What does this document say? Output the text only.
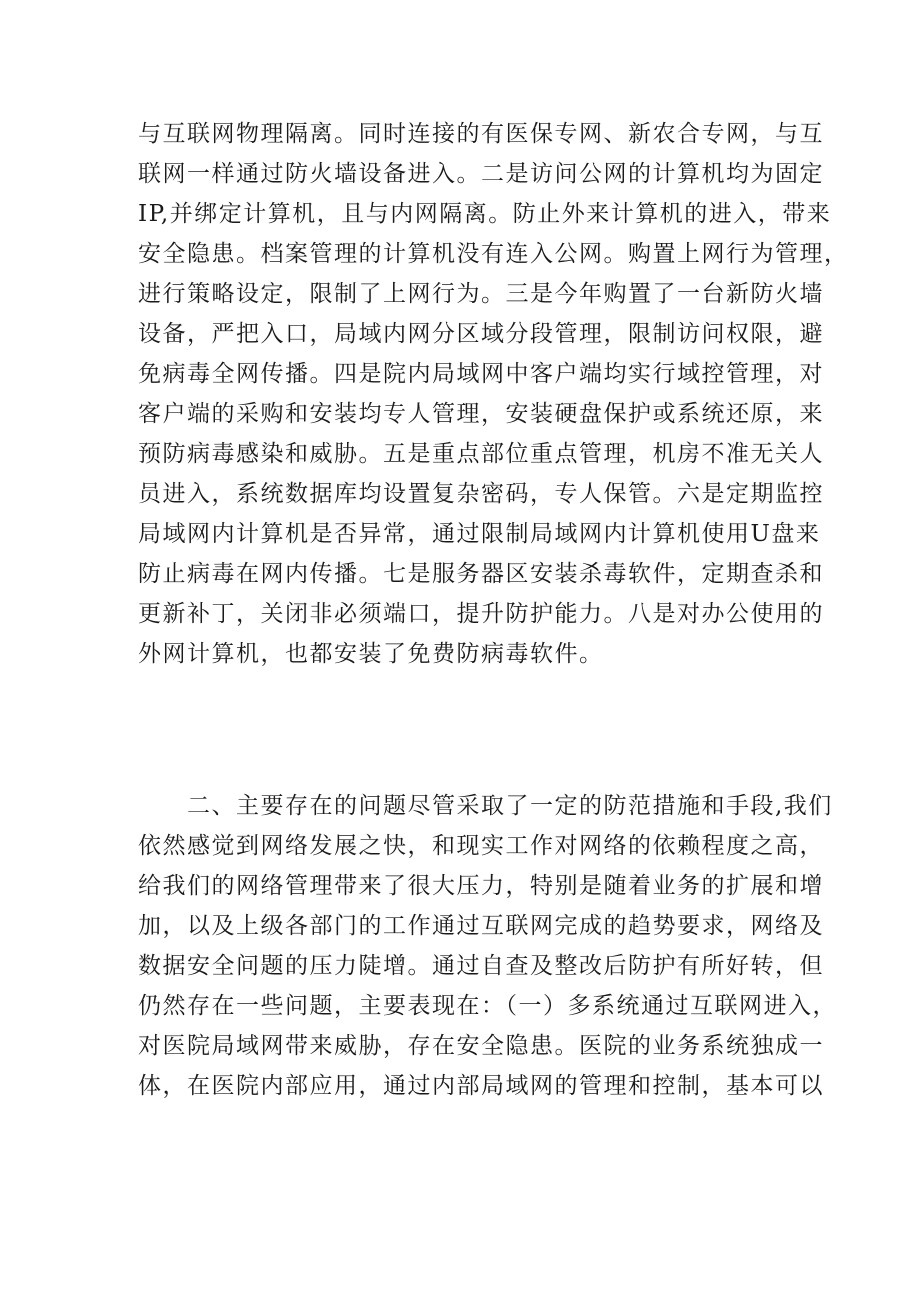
与互联网物理隔离。同时连接的有医保专网、新农合专网，与互
联网一样通过防火墙设备进入。二是访问公网的计算机均为固定
IP,并绑定计算机，且与内网隔离。防止外来计算机的进入，带来
安全隐患。档案管理的计算机没有连入公网。购置上网行为管理，
进行策略设定，限制了上网行为。三是今年购置了一台新防火墙
设备，严把入口，局域内网分区域分段管理，限制访问权限，避
免病毒全网传播。四是院内局域网中客户端均实行域控管理，对
客户端的采购和安装均专人管理，安装硬盘保护或系统还原，来
预防病毒感染和威胁。五是重点部位重点管理，机房不准无关人
员进入，系统数据库均设置复杂密码，专人保管。六是定期监控
局域网内计算机是否异常，通过限制局域网内计算机使用U盘来
防止病毒在网内传播。七是服务器区安装杀毒软件，定期查杀和
更新补丁，关闭非必须端口，提升防护能力。八是对办公使用的
外网计算机，也都安装了免费防病毒软件。
　　二、主要存在的问题尽管采取了一定的防范措施和手段,我们
依然感觉到网络发展之快，和现实工作对网络的依赖程度之高，
给我们的网络管理带来了很大压力，特别是随着业务的扩展和增
加，以及上级各部门的工作通过互联网完成的趋势要求，网络及
数据安全问题的压力陡增。通过自查及整改后防护有所好转，但
仍然存在一些问题，主要表现在：（一）多系统通过互联网进入，
对医院局域网带来威胁，存在安全隐患。医院的业务系统独成一
体，在医院内部应用，通过内部局域网的管理和控制，基本可以
